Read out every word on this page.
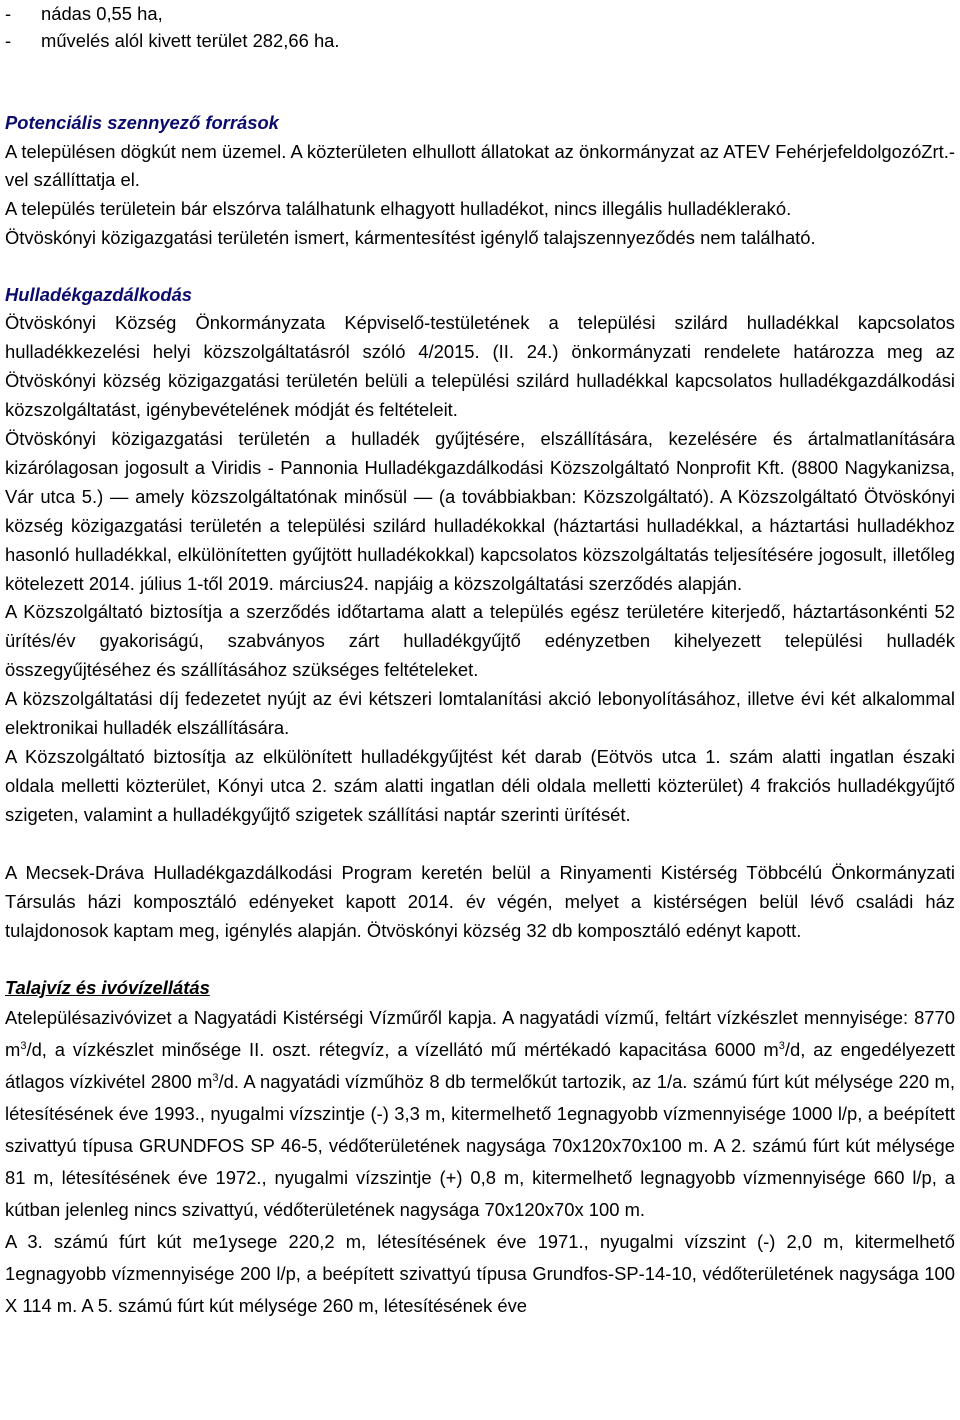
- nádas 0,55 ha,
- művelés alól kivett terület 282,66 ha.

Potenciális szennyező források

A településen dögkút nem üzemel. A közterületen elhullott állatokat az önkormányzat az ATEV FehérjefeldolgozóZrt.-vel szállíttatja el.

A település területein bár elszórva találhatunk elhagyott hulladékot, nincs illegális hulladéklerakó.

Ötvöskónyi közigazgatási területén ismert, kármentesítést igénylő talajszennyeződés nem található.

Hulladékgazdálkodás

Ötvöskónyi Község Önkormányzata Képviselő-testületének a települési szilárd hulladékkal kapcsolatos hulladékkezelési helyi közszolgáltatásról szóló 4/2015. (II. 24.) önkormányzati rendelete határozza meg az Ötvöskónyi község közigazgatási területén belüli a települési szilárd hulladékkal kapcsolatos hulladékgazdálkodási közszolgáltatást, igénybevételének módját és feltételeit.

Ötvöskónyi közigazgatási területén a hulladék gyűjtésére, elszállítására, kezelésére és ártalmatlanítására kizárólagosan jogosult a Viridis - Pannonia Hulladékgazdálkodási Közszolgáltató Nonprofit Kft. (8800 Nagykanizsa, Vár utca 5.) — amely közszolgáltatónak minősül — (a továbbiakban: Közszolgáltató). A Közszolgáltató Ötvöskónyi község közigazgatási területén a települési szilárd hulladékokkal (háztartási hulladékkal, a háztartási hulladékhoz hasonló hulladékkal, elkülönítetten gyűjtött hulladékokkal) kapcsolatos közszolgáltatás teljesítésére jogosult, illetőleg kötelezett 2014. július 1-től 2019. március24. napjáig a közszolgáltatási szerződés alapján.

A Közszolgáltató biztosítja a szerződés időtartama alatt a település egész területére kiterjedő, háztartásonkénti 52 ürítés/év gyakoriságú, szabványos zárt hulladékgyűjtő edényzetben kihelyezett települési hulladék összegyűjtéséhez és szállításához szükséges feltételeket.

A közszolgáltatási díj fedezetet nyújt az évi kétszeri lomtalanítási akció lebonyolításához, illetve évi két alkalommal elektronikai hulladék elszállítására.

A Közszolgáltató biztosítja az elkülönített hulladékgyűjtést két darab (Eötvös utca 1. szám alatti ingatlan északi oldala melletti közterület, Kónyi utca 2. szám alatti ingatlan déli oldala melletti közterület) 4 frakciós hulladékgyűjtő szigeten, valamint a hulladékgyűjtő szigetek szállítási naptár szerinti ürítését.

A Mecsek-Dráva Hulladékgazdálkodási Program keretén belül a Rinyamenti Kistérség Többcélú Önkormányzati Társulás házi komposztáló edényeket kapott 2014. év végén, melyet a kistérségen belül lévő családi ház tulajdonosok kaptam meg, igénylés alapján. Ötvöskónyi község 32 db komposztáló edényt kapott.

Talajvíz és ivóvízellátás

Atelepülésazivóvizet a Nagyatádi Kistérségi Vízműről kapja. A nagyatádi vízmű, feltárt vízkészlet mennyisége: 8770 $m^3/d$, a vízkészlet minősége II. oszt. rétegvíz, a vízellátó mű mértékadó kapacitása 6000 $m^3/d$, az engedélyezett átlagos vízkivétel 2800 $m^3/d$. A nagyatádi vízműhöz 8 db termelőkút tartozik, az 1/a. számú fúrt kút mélysége 220 m, létesítésének éve 1993., nyugalmi vízszintje (-) 3,3 m, kitermelhető 1egnagyobb vízmennyisége 1000 l/p, a beépített szivattyú típusa GRUNDFOS SP 46-5, védőterületének nagysága 70x120x70x100 m. A 2. számú fúrt kút mélysége 81 m, létesítésének éve 1972., nyugalmi vízszintje (+) 0,8 m, kitermelhető legnagyobb vízmennyisége 660 l/p, a kútban jelenleg nincs szivattyú, védőterületének nagysága 70x120x70x 100 m.

A 3. számú fúrt kút me1ysege 220,2 m, létesítésének éve 1971., nyugalmi vízszint (-) 2,0 m, kitermelhető 1egnagyobb vízmennyisége 200 l/p, a beépített szivattyú típusa Grundfos-SP-14-10, védőterületének nagysága 100 X 114 m. A 5. számú fúrt kút mélysége 260 m, létesítésének éve
